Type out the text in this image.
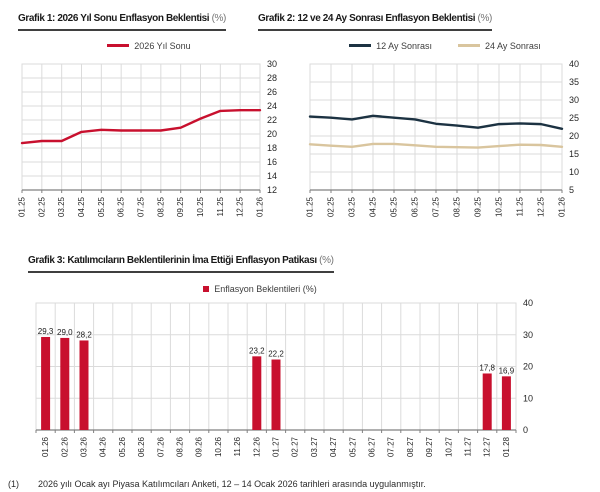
Grafik 1: 2026 Yıl Sonu Enflasyon Beklentisi (%)
2026 Yıl Sonu
30
28
26
24
22
20
18
16
14
12
01.25 02.25 03.25 04.25 05.25 06.25 07.25 08.25 09.25 10.25 11.25 12.25 01.26
Grafik 2: 12 ve 24 Ay Sonrası Enflasyon Beklentisi (%)
12 Ay Sonrası	24 Ay Sonrası
40
35
30
25
20
15
10
5
01.25 02.25 03.25 04.25 05.25 06.25 07.25 08.25 09.25 10.25 11.25 12.25 01.26
Grafik 3: Katılımcıların Beklentilerinin İma Ettiği Enflasyon Patikası (%)
Enflasyon Beklentileri (%)
40
30
20
10
0
01.26 02.26 03.26 04.26 05.26 06.26 07.26 08.26 09.26 10.26 11.26 12.26 01.27 02.27 03.27 04.27 05.27 06.27 07.27 08.27 09.27 10.27 11.27 12.27 01.28
29,3 29,0 28,2
23,2 22,2
17,8 16,9
(1)	2026 yılı Ocak ayı Piyasa Katılımcıları Anketi, 12 – 14 Ocak 2026 tarihleri arasında uygulanmıştır.
